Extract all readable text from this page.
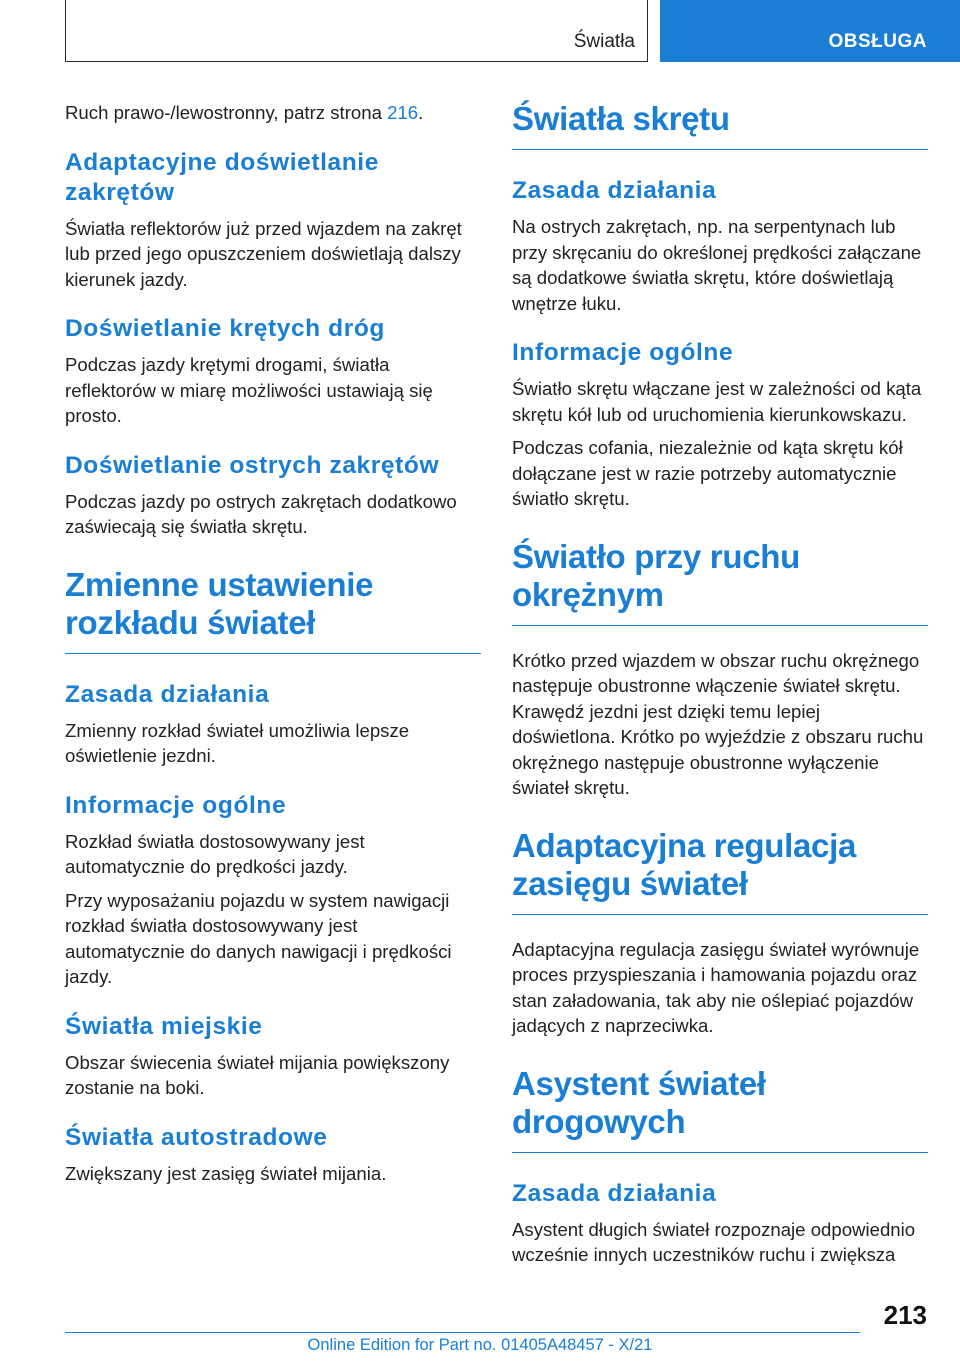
Światła	OBSŁUGA

Ruch prawo-/lewostronny, patrz strona 216.

Adaptacyjne doświetlanie zakrętów

Światła reflektorów już przed wjazdem na zakręt lub przed jego opuszczeniem doświetlają dalszy kierunek jazdy.

Doświetlanie krętych dróg

Podczas jazdy krętymi drogami, światła reflektorów w miarę możliwości ustawiają się prosto.

Doświetlanie ostrych zakrętów

Podczas jazdy po ostrych zakrętach dodatkowo zaświecają się światła skrętu.

Zmienne ustawienie rozkładu świateł
Zasada działania

Zmienny rozkład świateł umożliwia lepsze oświetlenie jezdni.

Informacje ogólne

Rozkład światła dostosowywany jest automatycznie do prędkości jazdy.

Przy wyposażaniu pojazdu w system nawigacji rozkład światła dostosowywany jest automatycznie do danych nawigacji i prędkości jazdy.

Światła miejskie

Obszar świecenia świateł mijania powiększony zostanie na boki.

Światła autostradowe

Zwiększany jest zasięg świateł mijania.

Światła skrętu
Zasada działania

Na ostrych zakrętach, np. na serpentynach lub przy skręcaniu do określonej prędkości załączane są dodatkowe światła skrętu, które doświetlają wnętrze łuku.

Informacje ogólne

Światło skrętu włączane jest w zależności od kąta skrętu kół lub od uruchomienia kierunkowskazu.

Podczas cofania, niezależnie od kąta skrętu kół dołączane jest w razie potrzeby automatycznie światło skrętu.

Światło przy ruchu okrężnym

Krótko przed wjazdem w obszar ruchu okrężnego następuje obustronne włączenie świateł skrętu. Krawędź jezdni jest dzięki temu lepiej doświetlona. Krótko po wyjeździe z obszaru ruchu okrężnego następuje obustronne wyłączenie świateł skrętu.

Adaptacyjna regulacja zasięgu świateł

Adaptacyjna regulacja zasięgu świateł wyrównuje proces przyspieszania i hamowania pojazdu oraz stan załadowania, tak aby nie oślepiać pojazdów jadących z naprzeciwka.

Asystent świateł drogowych
Zasada działania

Asystent długich świateł rozpoznaje odpowiednio wcześnie innych uczestników ruchu i zwiększa

213
Online Edition for Part no. 01405A48457 - X/21
